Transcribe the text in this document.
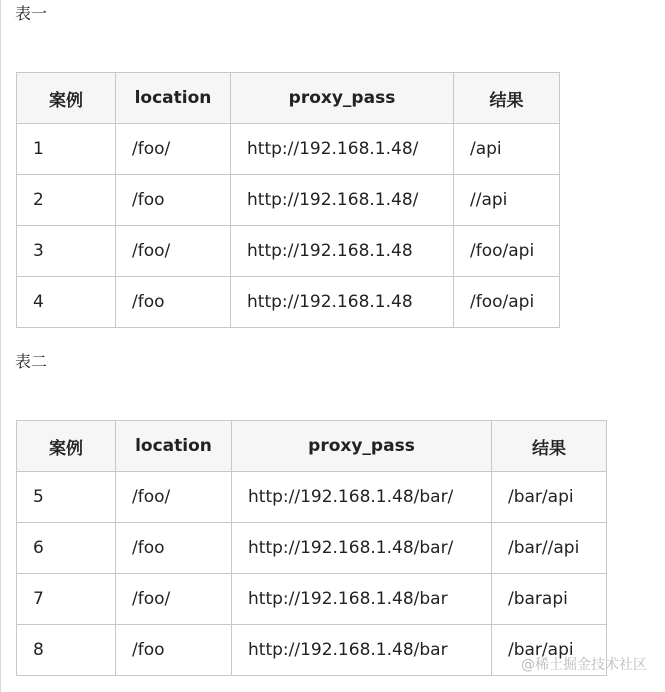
表一
案例	location	proxy_pass	结果
1	/foo/	http://192.168.1.48/	/api
2	/foo	http://192.168.1.48/	//api
3	/foo/	http://192.168.1.48	/foo/api
4	/foo	http://192.168.1.48	/foo/api
表二
案例	location	proxy_pass	结果
5	/foo/	http://192.168.1.48/bar/	/bar/api
6	/foo	http://192.168.1.48/bar/	/bar//api
7	/foo/	http://192.168.1.48/bar	/barapi
8	/foo	http://192.168.1.48/bar	/bar/api
@稀土掘金技术社区
